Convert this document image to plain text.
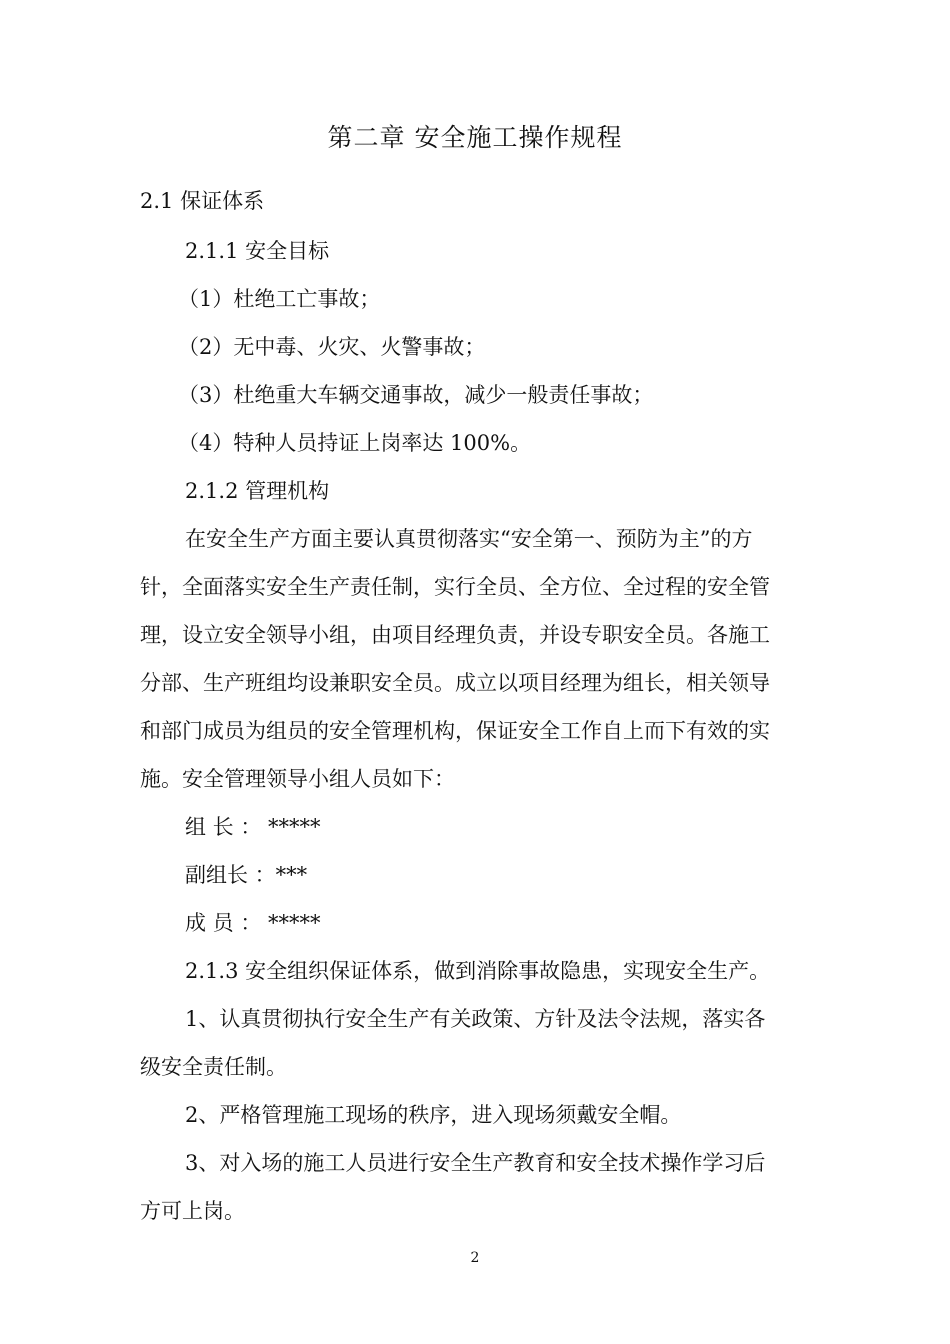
第二章 安全施工操作规程
2.1 保证体系
2.1.1 安全目标
（1）杜绝工亡事故；
（2）无中毒、火灾、火警事故；
（3）杜绝重大车辆交通事故，减少一般责任事故；
（4）特种人员持证上岗率达 100%。
2.1.2 管理机构
在安全生产方面主要认真贯彻落实“安全第一、预防为主”的方
针，全面落实安全生产责任制，实行全员、全方位、全过程的安全管
理，设立安全领导小组，由项目经理负责，并设专职安全员。各施工
分部、生产班组均设兼职安全员。成立以项目经理为组长，相关领导
和部门成员为组员的安全管理机构，保证安全工作自上而下有效的实
施。安全管理领导小组人员如下：
组 长 ： *****
副组长 ：***
成 员 ： *****
2.1.3 安全组织保证体系，做到消除事故隐患，实现安全生产。
1、认真贯彻执行安全生产有关政策、方针及法令法规，落实各
级安全责任制。
2、严格管理施工现场的秩序，进入现场须戴安全帽。
3、对入场的施工人员进行安全生产教育和安全技术操作学习后
方可上岗。
2
